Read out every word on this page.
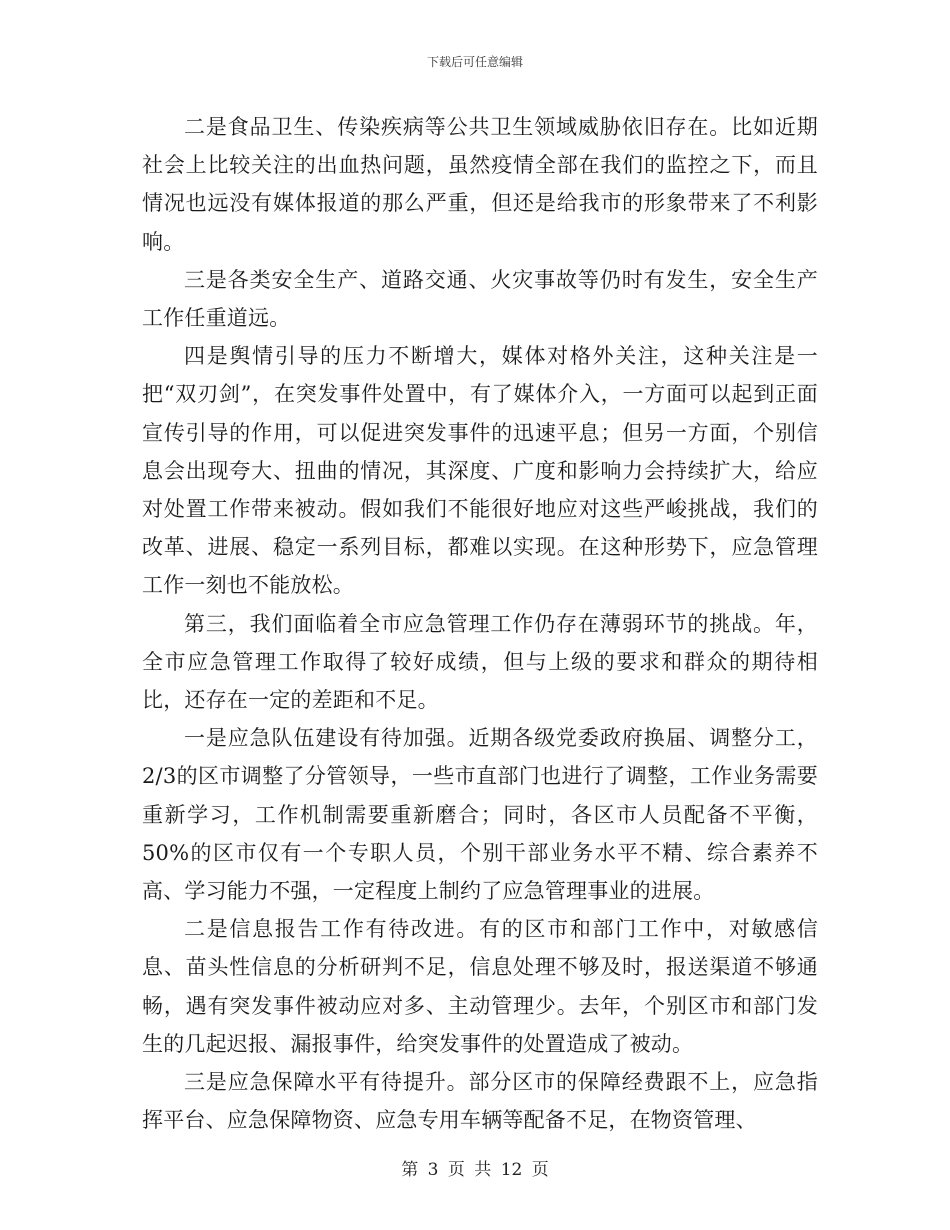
下载后可任意编辑

二是食品卫生、传染疾病等公共卫生领域威胁依旧存在。比如近期社会上比较关注的出血热问题，虽然疫情全部在我们的监控之下，而且情况也远没有媒体报道的那么严重，但还是给我市的形象带来了不利影响。

三是各类安全生产、道路交通、火灾事故等仍时有发生，安全生产工作任重道远。

四是舆情引导的压力不断增大，媒体对格外关注，这种关注是一把“双刃剑”，在突发事件处置中，有了媒体介入，一方面可以起到正面宣传引导的作用，可以促进突发事件的迅速平息；但另一方面，个别信息会出现夸大、扭曲的情况，其深度、广度和影响力会持续扩大，给应对处置工作带来被动。假如我们不能很好地应对这些严峻挑战，我们的改革、进展、稳定一系列目标，都难以实现。在这种形势下，应急管理工作一刻也不能放松。

第三，我们面临着全市应急管理工作仍存在薄弱环节的挑战。年，全市应急管理工作取得了较好成绩，但与上级的要求和群众的期待相比，还存在一定的差距和不足。

一是应急队伍建设有待加强。近期各级党委政府换届、调整分工，2/3的区市调整了分管领导，一些市直部门也进行了调整，工作业务需要重新学习，工作机制需要重新磨合；同时，各区市人员配备不平衡，50%的区市仅有一个专职人员，个别干部业务水平不精、综合素养不高、学习能力不强，一定程度上制约了应急管理事业的进展。

二是信息报告工作有待改进。有的区市和部门工作中，对敏感信息、苗头性信息的分析研判不足，信息处理不够及时，报送渠道不够通畅，遇有突发事件被动应对多、主动管理少。去年，个别区市和部门发生的几起迟报、漏报事件，给突发事件的处置造成了被动。

三是应急保障水平有待提升。部分区市的保障经费跟不上，应急指挥平台、应急保障物资、应急专用车辆等配备不足，在物资管理、

第 3 页 共 12 页
